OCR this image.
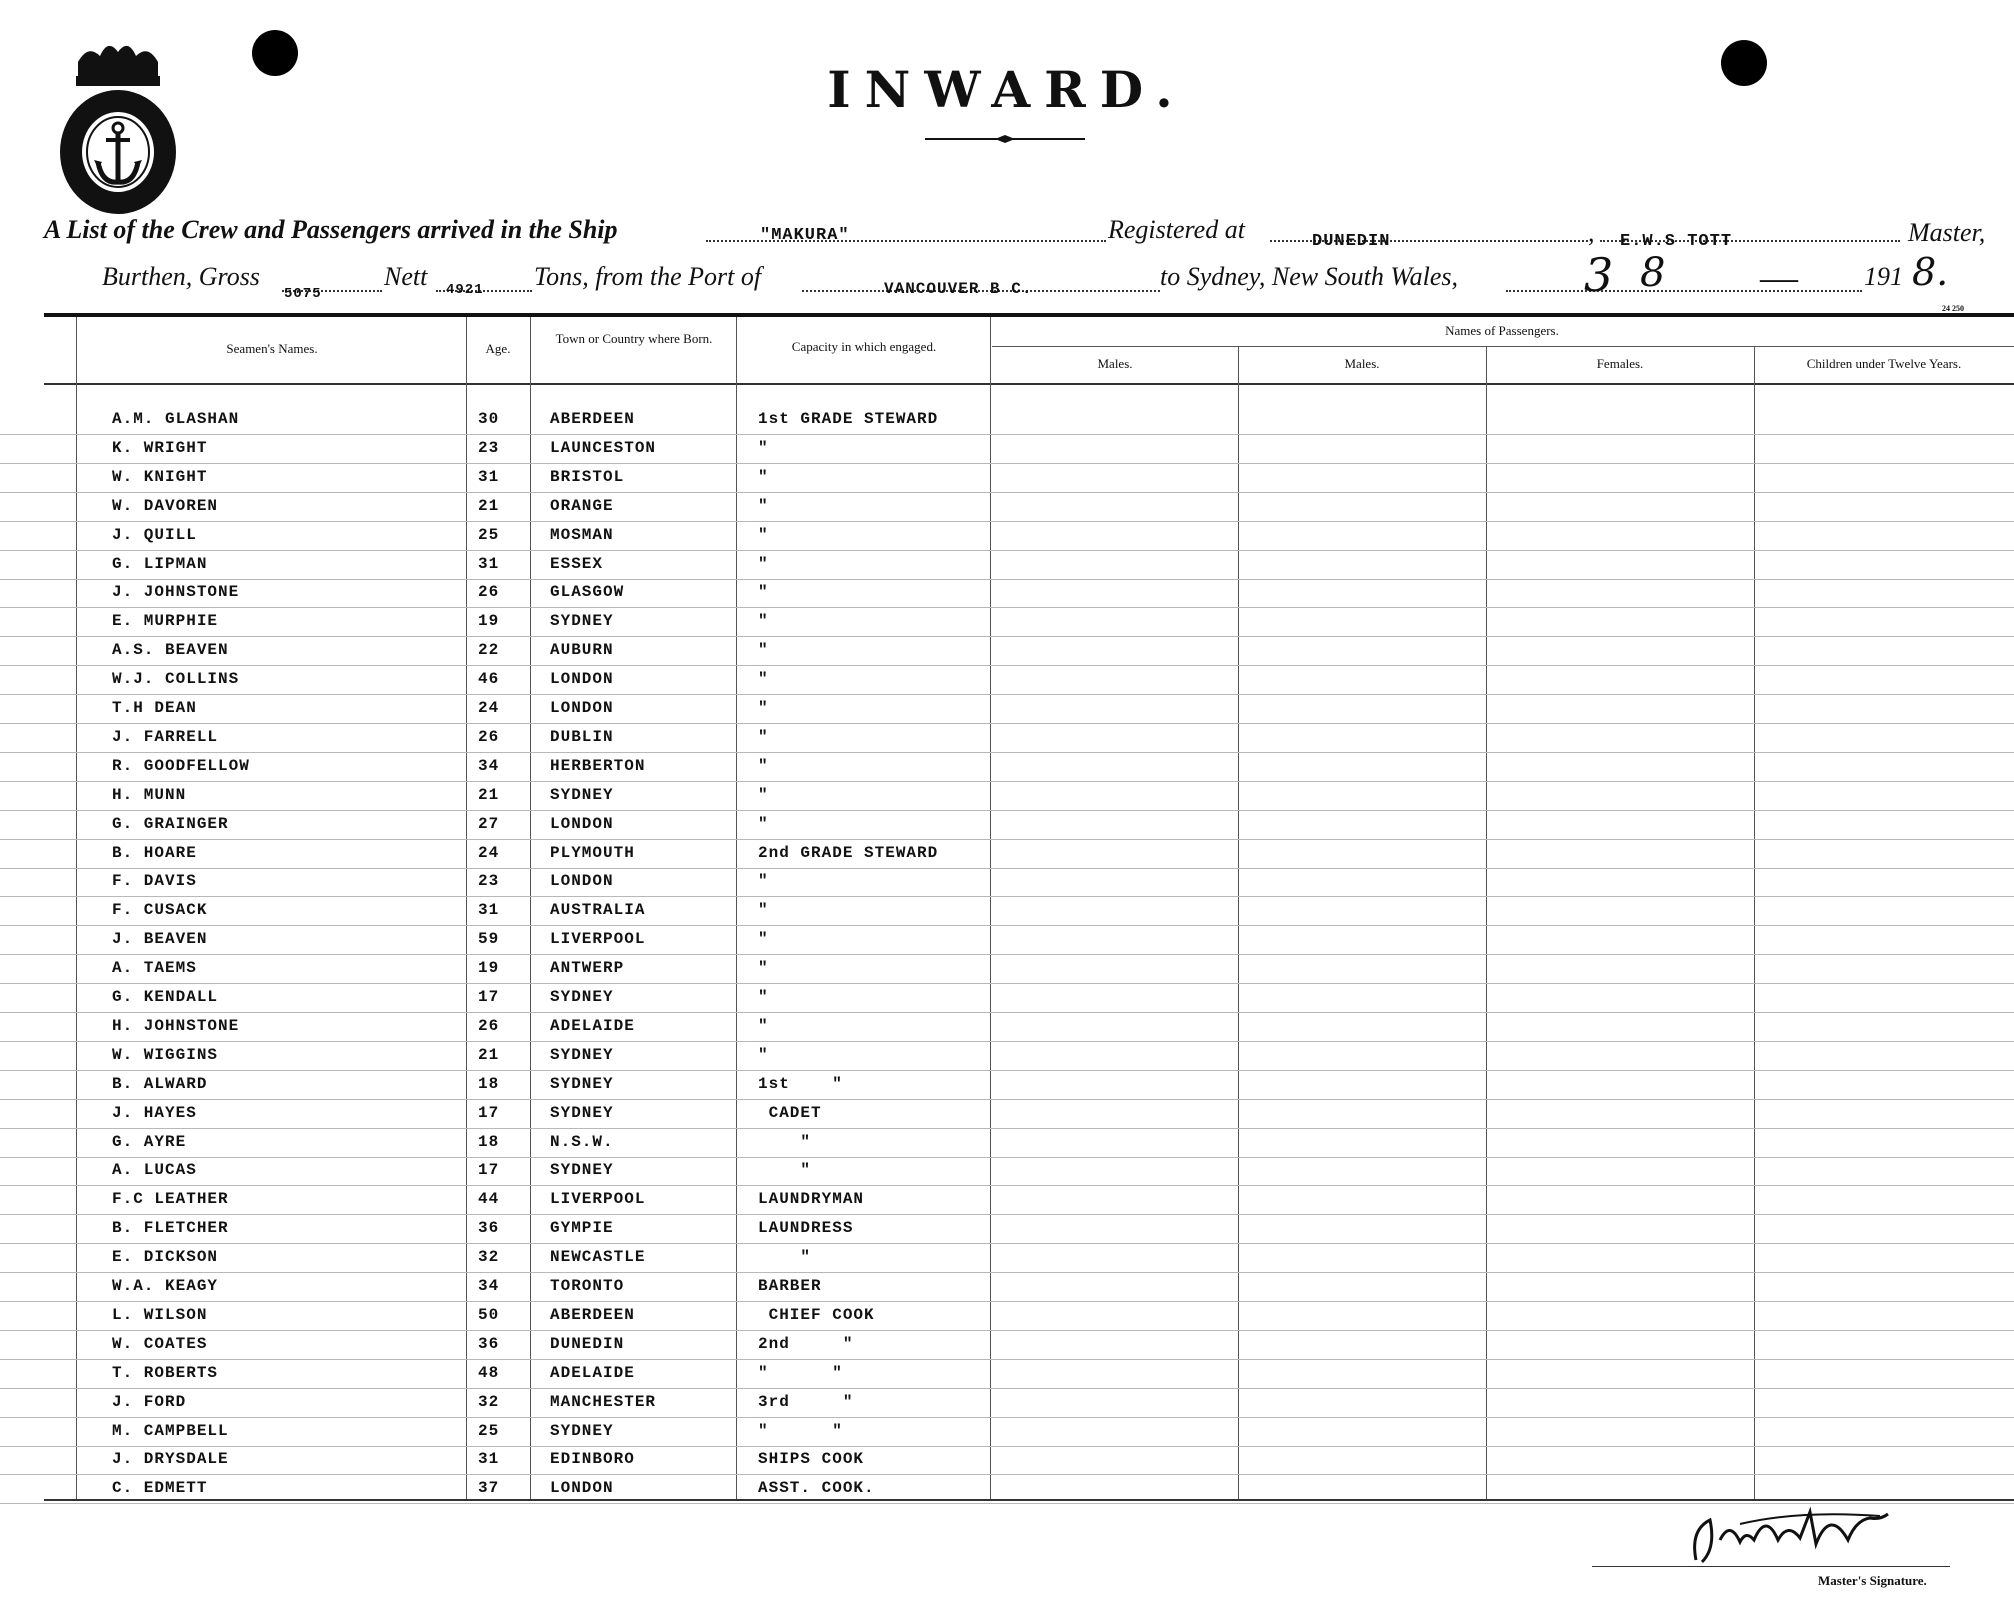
INWARD.
A List of the Crew and Passengers arrived in the Ship	"MAKURA"	Registered at	DUNEDIN	, E.W.S TOTT	Master,
Burthen, Gross
5075
Nett 4921 Tons, from the Port of	VANCOUVER B C.	to Sydney, New South Wales,	3 8 —	191 8.
24 250
Seamen's Names.	Age.
Town or Country where Born.
Capacity in which engaged.
Names of Passengers.
Males.	Males.	Females.	Children under Twelve Years.
A.M. GLASHAN	30	ABERDEEN	1st GRADE STEWARD
K. WRIGHT	23	LAUNCESTON	"
W. KNIGHT	31	BRISTOL	"
W. DAVOREN	21	ORANGE	"
J. QUILL	25	MOSMAN	"
G. LIPMAN	31	ESSEX	"
J. JOHNSTONE	26	GLASGOW	"
E. MURPHIE	19	SYDNEY	"
A.S. BEAVEN	22	AUBURN	"
W.J. COLLINS	46	LONDON	"
T.H DEAN	24	LONDON	"
J. FARRELL	26	DUBLIN	"
R. GOODFELLOW	34	HERBERTON	"
H. MUNN	21	SYDNEY	"
G. GRAINGER	27	LONDON	"
B. HOARE	24	PLYMOUTH	2nd GRADE STEWARD
F. DAVIS	23	LONDON	"
F. CUSACK	31	AUSTRALIA	"
J. BEAVEN	59	LIVERPOOL	"
A. TAEMS	19	ANTWERP	"
G. KENDALL	17	SYDNEY	"
H. JOHNSTONE	26	ADELAIDE	"
W. WIGGINS	21	SYDNEY	"
B. ALWARD	18	SYDNEY	1st    "
J. HAYES	17	SYDNEY	CADET
G. AYRE	18	N.S.W.	"
A. LUCAS	17	SYDNEY	"
F.C LEATHER	44	LIVERPOOL	LAUNDRYMAN
B. FLETCHER	36	GYMPIE	LAUNDRESS
E. DICKSON	32	NEWCASTLE	"
W.A. KEAGY	34	TORONTO	BARBER
L. WILSON	50	ABERDEEN	CHIEF COOK
W. COATES	36	DUNEDIN	2nd     "
T. ROBERTS	48	ADELAIDE	"      "
J. FORD	32	MANCHESTER	3rd     "
M. CAMPBELL	25	SYDNEY	"      "
J. DRYSDALE	31	EDINBORO	SHIPS COOK
C. EDMETT	37	LONDON	ASST. COOK.
Master's Signature.
